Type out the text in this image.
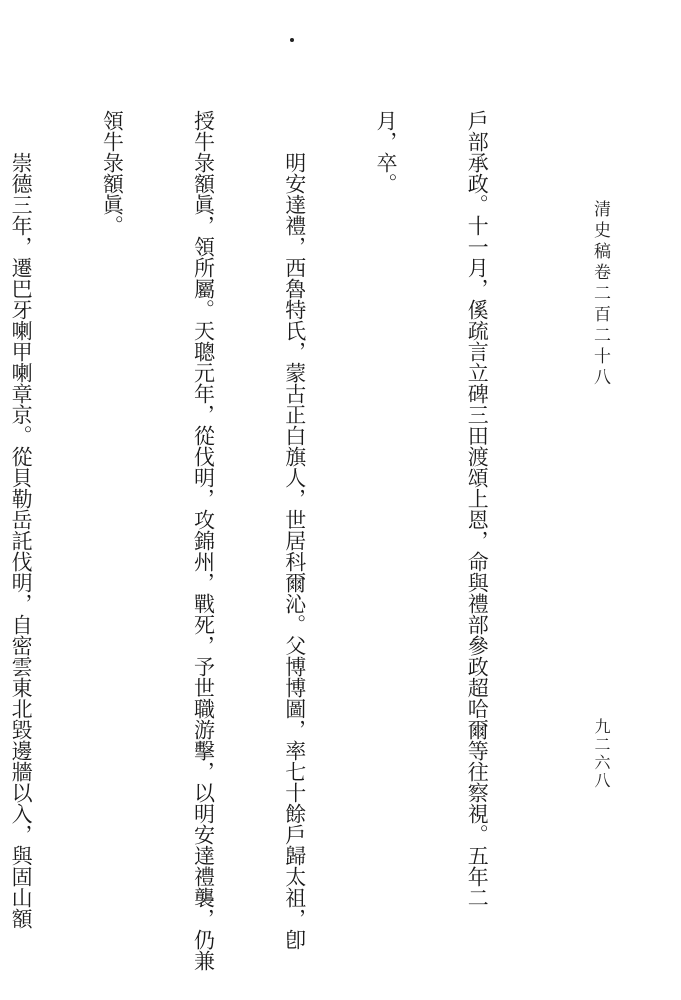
清史稿卷二百二十八
九二六八

戶部承政。十一月，傒疏言立碑三田渡頌上恩，命與禮部參政超哈爾等往察視。五年二

月，卒。

明安達禮，西魯特氏，蒙古正白旗人，世居科爾沁。父博博圖，率七十餘戶歸太祖，卽

授牛彔額眞，領所屬。天聰元年，從伐明，攻錦州，戰死，予世職游擊，以明安達禮襲，仍兼

領牛彔額眞。

崇德三年，遷巴牙喇甲喇章京。從貝勒岳託伐明，自密雲東北毀邊牆以入，與固山額
